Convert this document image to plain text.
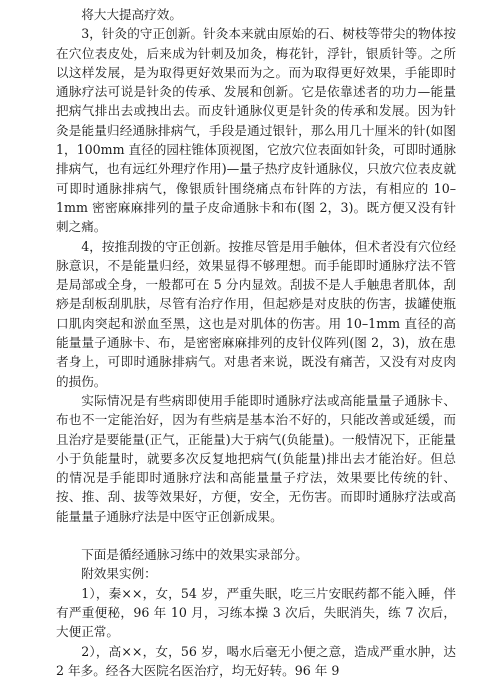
将大大提高疗效。

3，针灸的守正创新。针灸本来就由原始的石、树枝等带尖的物体按在穴位表皮处，后来成为针刺及加灸，梅花针，浮针，银质针等。之所以这样发展，是为取得更好效果而为之。而为取得更好效果，手能即时通脉疗法可说是针灸的传承、发展和创新。它是依靠述者的功力—能量把病气排出去或拽出去。而皮针通脉仪更是针灸的传承和发展。因为针灸是能量归经通脉排病气，手段是通过银针，那么用几十厘米的针(如图 1，100mm 直径的园柱锥体顶视图，它放穴位表面如针灸，可即时通脉排病气，也有远红外理疗作用)—量子热疗皮针通脉仪，只放穴位表皮就可即时通脉排病气，像银质针围绕痛点布针阵的方法，有相应的 10–1mm 密密麻麻排列的量子皮命通脉卡和布(图 2，3)。既方便又没有针刺之痛。

4，按推刮拨的守正创新。按推尽管是用手触体，但术者没有穴位经脉意识，不是能量归经，效果显得不够理想。而手能即时通脉疗法不管是局部或全身，一般都可在 5 分内显效。刮拔不是人手触患者肌体，刮痧是刮板刮肌肤，尽管有治疗作用，但起痧是对皮肤的伤害，拔罐使瓶口肌肉突起和淤血至黑，这也是对肌体的伤害。用 10–1mm 直径的高能量量子通脉卡、布，是密密麻麻排列的皮针仪阵列(图 2，3)，放在患者身上，可即时通脉排病气。对患者来说，既没有痛苦，又没有对皮肉的损伤。

实际情况是有些病即使用手能即时通脉疗法或高能量量子通脉卡、布也不一定能治好，因为有些病是基本治不好的，只能改善或延缓，而且治疗是要能量(正气，正能量)大于病气(负能量)。一般情况下，正能量小于负能量时，就要多次反复地把病气(负能量)排出去才能治好。但总的情况是手能即时通脉疗法和高能量量子疗法，效果要比传统的针、按、推、刮、拔等效果好，方便，安全，无伤害。而即时通脉疗法或高能量量子通脉疗法是中医守正创新成果。

下面是循经通脉习练中的效果实录部分。

附效果实例：

1），秦××，女，54 岁，严重失眠，吃三片安眠药都不能入睡，伴有严重便秘，96 年 10 月，习练本操 3 次后，失眠消失，练 7 次后，大便正常。

2），高××，女，56 岁，喝水后毫无小便之意，造成严重水肿，达 2 年多。经各大医院名医治疗，均无好转。96 年 9
